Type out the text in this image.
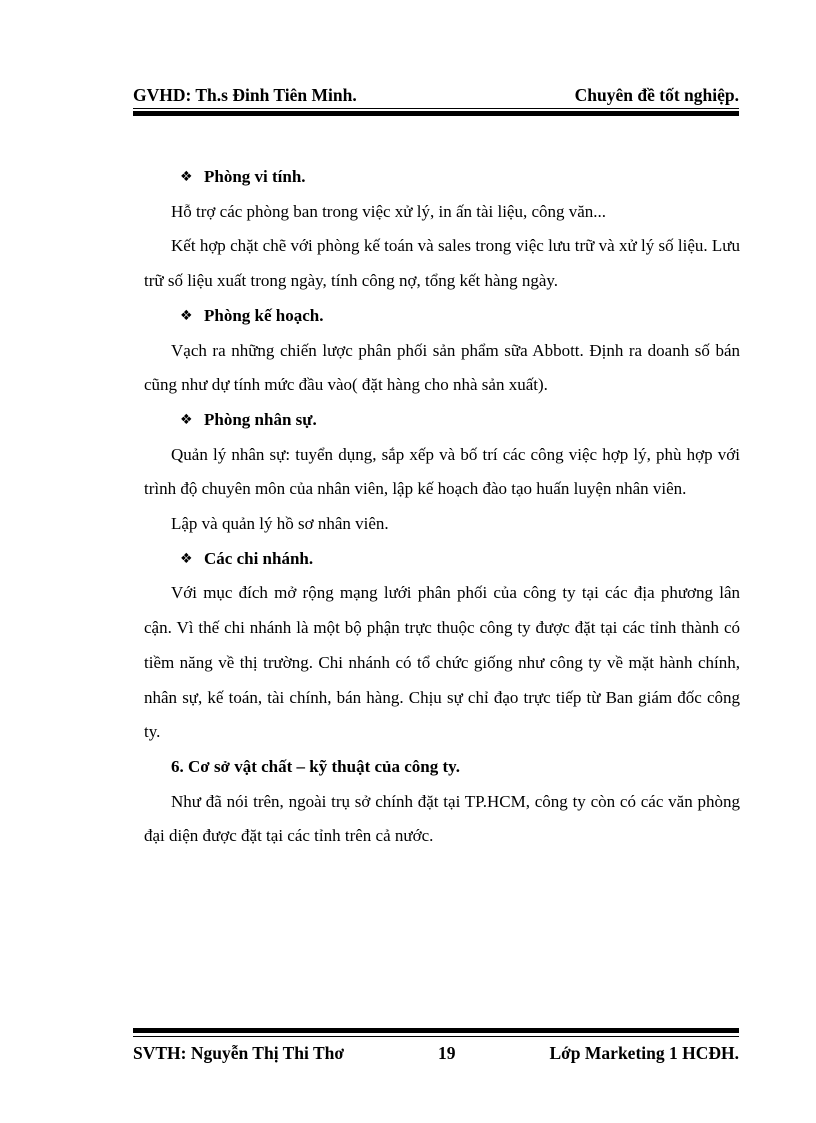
GVHD: Th.s Đinh Tiên Minh.	Chuyên đề tốt nghiệp.
❖ Phòng vi tính.

Hỗ trợ các phòng ban trong việc xử lý, in ấn tài liệu, công văn...

Kết hợp chặt chẽ với phòng kế toán và sales trong việc lưu trữ và xử lý số liệu. Lưu trữ số liệu xuất trong ngày, tính công nợ, tổng kết hàng ngày.

❖ Phòng kế hoạch.

Vạch ra những chiến lược phân phối sản phẩm sữa Abbott. Định ra doanh số bán cũng như dự tính mức đầu vào( đặt hàng cho nhà sản xuất).

❖ Phòng nhân sự.

Quản lý nhân sự: tuyển dụng, sắp xếp và bố trí các công việc hợp lý, phù hợp với trình độ chuyên môn của nhân viên, lập kế hoạch đào tạo huấn luyện nhân viên.

Lập và quản lý hồ sơ nhân viên.

❖ Các chi nhánh.

Với mục đích mở rộng mạng lưới phân phối của công ty tại các địa phương lân cận. Vì thế chi nhánh là một bộ phận trực thuộc công ty được đặt tại các tỉnh thành có tiềm năng về thị trường. Chi nhánh có tổ chức giống như công ty về mặt hành chính, nhân sự, kế toán, tài chính, bán hàng. Chịu sự chỉ đạo trực tiếp từ Ban giám đốc công ty.

6. Cơ sở vật chất – kỹ thuật của công ty.

Như đã nói trên, ngoài trụ sở chính đặt tại TP.HCM, công ty còn có các văn phòng đại diện được đặt tại các tỉnh trên cả nước.

SVTH: Nguyễn Thị Thi Thơ	19	Lớp Marketing 1 HCĐH.
